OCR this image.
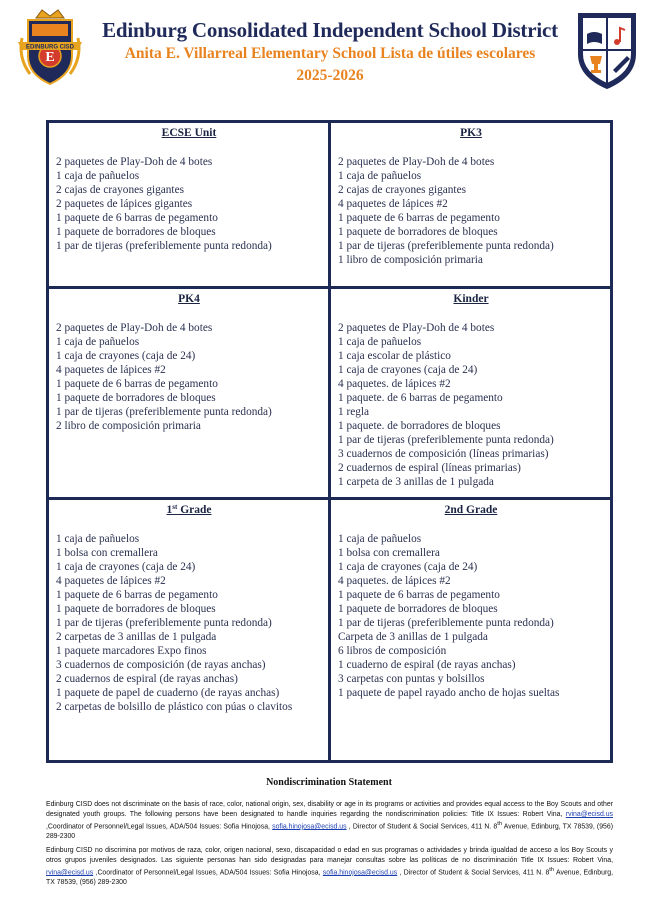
E
EDINBURG CISD
Edinburg Consolidated Independent School District
Anita E. Villarreal Elementary School Lista de útiles escolares
2025-2026
ECSE Unit
2 paquetes de Play-Doh de 4 botes
1 caja de pañuelos
2 cajas de crayones gigantes
2 paquetes de lápices gigantes
1 paquete de 6 barras de pegamento
1 paquete de borradores de bloques
1 par de tijeras (preferiblemente punta redonda)
PK3
2 paquetes de Play-Doh de 4 botes
1 caja de pañuelos
2 cajas de crayones gigantes
4 paquetes de lápices #2
1 paquete de 6 barras de pegamento
1 paquete de borradores de bloques
1 par de tijeras (preferiblemente punta redonda)
1 libro de composición primaria
PK4
2 paquetes de Play-Doh de 4 botes
1 caja de pañuelos
1 caja de crayones (caja de 24)
4 paquetes de lápices #2
1 paquete de 6 barras de pegamento
1 paquete de borradores de bloques
1 par de tijeras (preferiblemente punta redonda)
2 libro de composición primaria
Kinder
2 paquetes de Play-Doh de 4 botes
1 caja de pañuelos
1 caja escolar de plástico
1 caja de crayones (caja de 24)
4 paquetes. de lápices #2
1 paquete. de 6 barras de pegamento
1 regla
1 paquete. de borradores de bloques
1 par de tijeras (preferiblemente punta redonda)
3 cuadernos de composición (líneas primarias)
2 cuadernos de espiral (líneas primarias)
1 carpeta de 3 anillas de 1 pulgada
1st Grade
1 caja de pañuelos
1 bolsa con cremallera
1 caja de crayones (caja de 24)
4 paquetes de lápices #2
1 paquete de 6 barras de pegamento
1 paquete de borradores de bloques
1 par de tijeras (preferiblemente punta redonda)
2 carpetas de 3 anillas de 1 pulgada
1 paquete marcadores Expo finos
3 cuadernos de composición (de rayas anchas)
2 cuadernos de espiral (de rayas anchas)
1 paquete de papel de cuaderno (de rayas anchas)
2 carpetas de bolsillo de plástico con púas o clavitos
2nd Grade
1 caja de pañuelos
1 bolsa con cremallera
1 caja de crayones (caja de 24)
4 paquetes. de lápices #2
1 paquete de 6 barras de pegamento
1 paquete de borradores de bloques
1 par de tijeras (preferiblemente punta redonda)
Carpeta de 3 anillas de 1 pulgada
6 libros de composición
1 cuaderno de espiral (de rayas anchas)
3 carpetas con puntas y bolsillos
1 paquete de papel rayado ancho de hojas sueltas
Nondiscrimination Statement
Edinburg CISD does not discriminate on the basis of race, color, national origin, sex, disability or age in its programs or activities and provides equal access to the Boy Scouts and other designated youth groups. The following persons have been designated to handle inquiries regarding the nondiscrimination policies: Title IX Issues: Robert Vina, rvina@ecisd.us ,Coordinator of Personnel/Legal Issues, ADA/504 Issues: Sofia Hinojosa, sofia.hinojosa@ecisd.us , Director of Student & Social Services, 411 N. 8th Avenue, Edinburg, TX 78539, (956) 289-2300
Edinburg CISD no discrimina por motivos de raza, color, origen nacional, sexo, discapacidad o edad en sus programas o actividades y brinda igualdad de acceso a los Boy Scouts y otros grupos juveniles designados. Las siguiente personas han sido designadas para manejar consultas sobre las políticas de no discriminación Title IX Issues: Robert Vina, rvina@ecisd.us ,Coordinator of Personnel/Legal Issues, ADA/504 Issues: Sofia Hinojosa, sofia.hinojosa@ecisd.us , Director of Student & Social Services, 411 N. 8th Avenue, Edinburg, TX 78539, (956) 289-2300
